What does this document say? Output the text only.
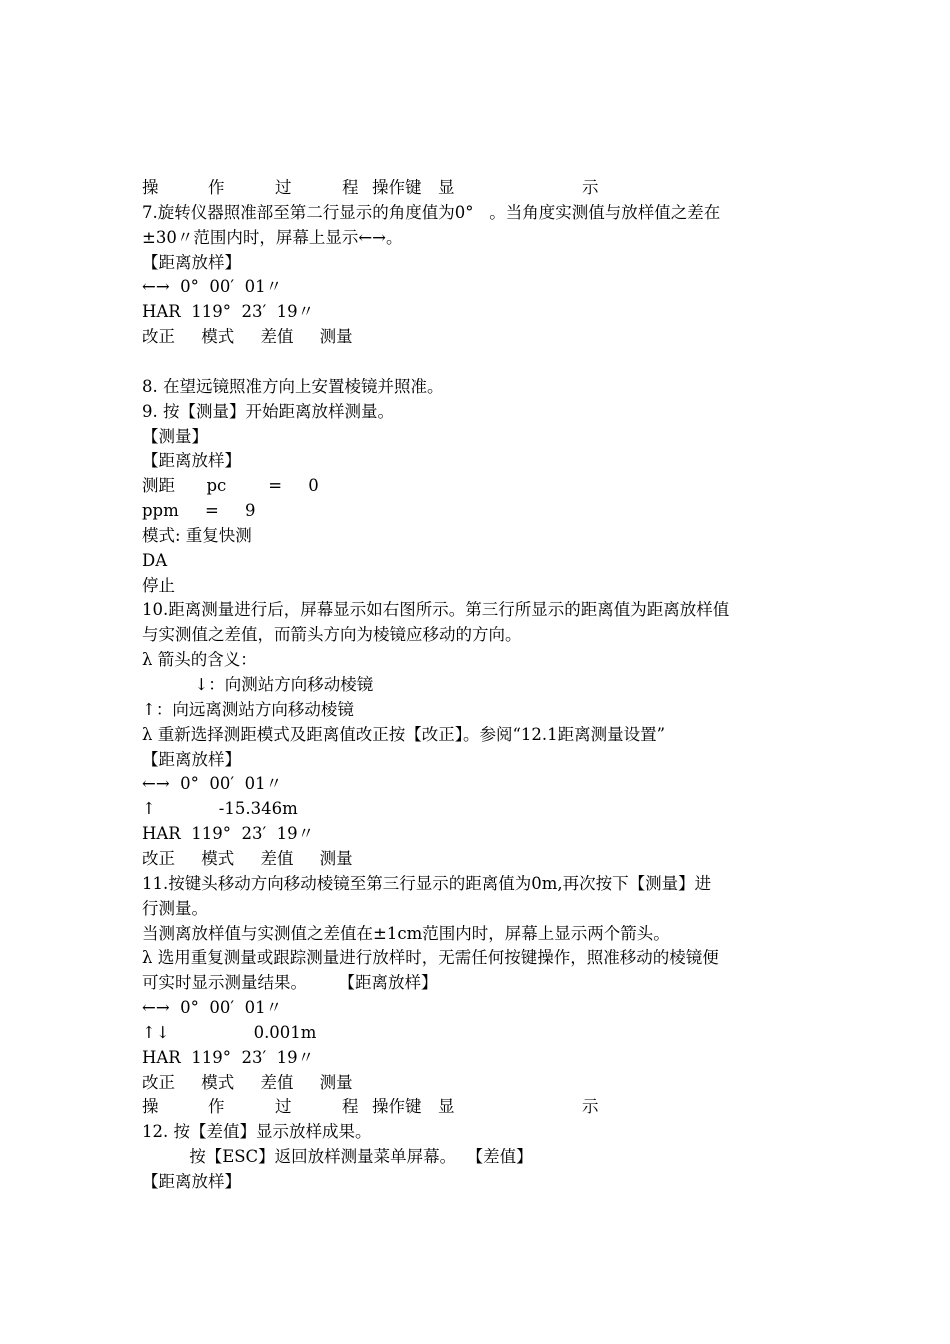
操	作	过	程 操作键 显	示
7.旋转仪器照准部至第二行显示的角度值为0°   。当角度实测值与放样值之差在
±30〃范围内时，屏幕上显示←→。
【距离放样】
←→  0°  00′  01〃
HAR  119°  23′  19〃
改正     模式     差值     测量
8. 在望远镜照准方向上安置棱镜并照准。
9. 按【测量】开始距离放样测量。
【测量】
【距离放样】
测距      pc        =     0
ppm     =     9
模式: 重复快测
DA
停止
10.距离测量进行后，屏幕显示如右图所示。第三行所显示的距离值为距离放样值
与实测值之差值，而箭头方向为棱镜应移动的方向。
λ 箭头的含义：
↓：向测站方向移动棱镜
↑：向远离测站方向移动棱镜
λ 重新选择测距模式及距离值改正按【改正】。参阅“12.1距离测量设置”
【距离放样】
←→  0°  00′  01〃
↑            -15.346m
HAR  119°  23′  19〃
改正     模式     差值     测量
11.按键头移动方向移动棱镜至第三行显示的距离值为0m,再次按下【测量】进
行测量。
当测离放样值与实测值之差值在±1cm范围内时，屏幕上显示两个箭头。
λ 选用重复测量或跟踪测量进行放样时，无需任何按键操作，照准移动的棱镜便
可实时显示测量结果。      【距离放样】
←→  0°  00′  01〃
↑↓                0.001m
HAR  119°  23′  19〃
改正     模式     差值     测量
操	作	过	程 操作键 显	示
12. 按【差值】显示放样成果。
按【ESC】返回放样测量菜单屏幕。  【差值】
【距离放样】
